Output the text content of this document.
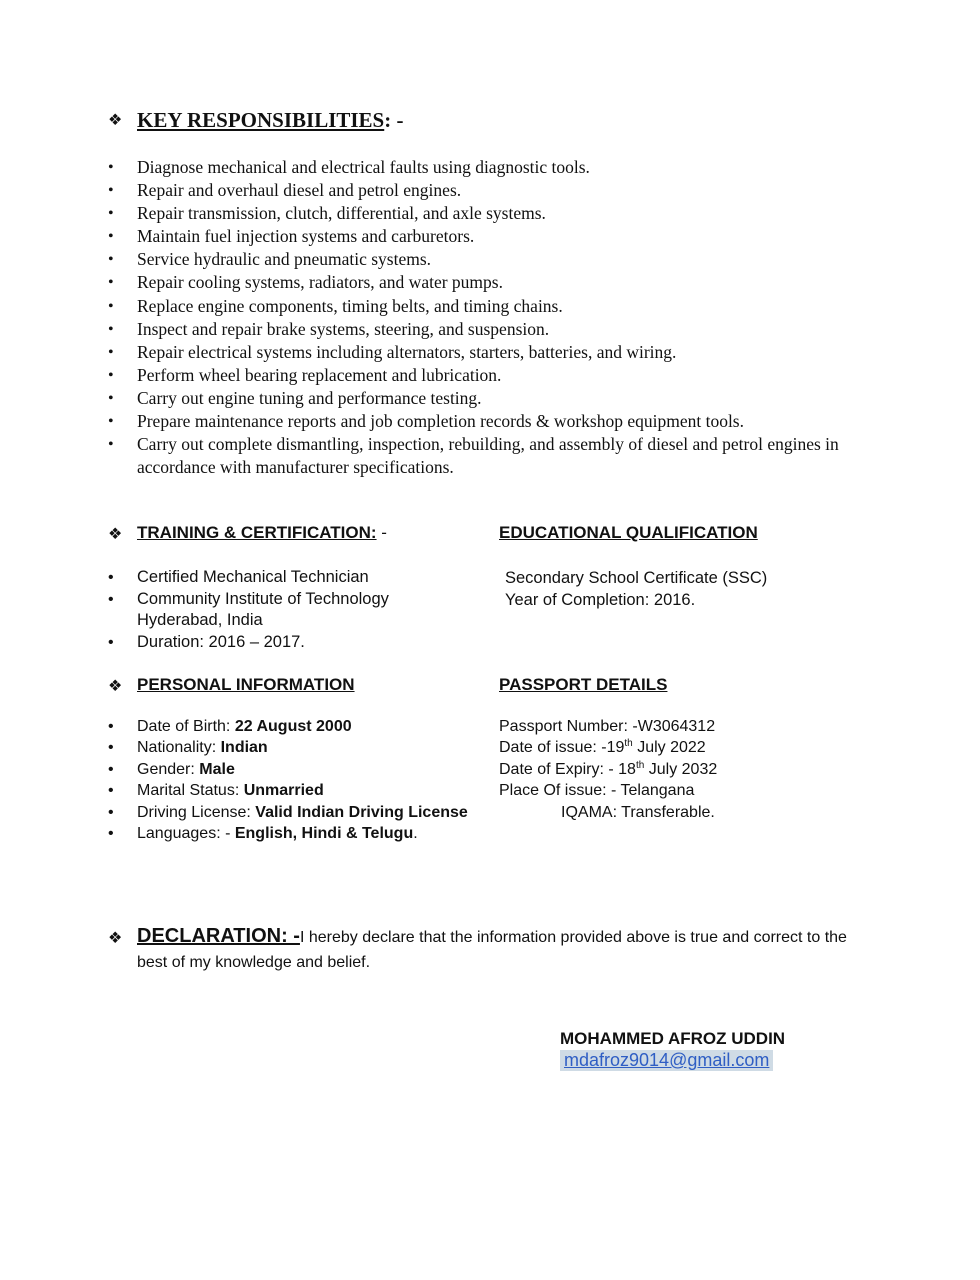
❖ KEY RESPONSIBILITIES: -
• Diagnose mechanical and electrical faults using diagnostic tools.
• Repair and overhaul diesel and petrol engines.
• Repair transmission, clutch, differential, and axle systems.
• Maintain fuel injection systems and carburetors.
• Service hydraulic and pneumatic systems.
• Repair cooling systems, radiators, and water pumps.
• Replace engine components, timing belts, and timing chains.
• Inspect and repair brake systems, steering, and suspension.
• Repair electrical systems including alternators, starters, batteries, and wiring.
• Perform wheel bearing replacement and lubrication.
• Carry out engine tuning and performance testing.
• Prepare maintenance reports and job completion records & workshop equipment tools.
• Carry out complete dismantling, inspection, rebuilding, and assembly of diesel and petrol engines in accordance with manufacturer specifications.
❖ TRAINING & CERTIFICATION: -
• Certified Mechanical Technician
• Community Institute of Technology Hyderabad, India
• Duration: 2016 – 2017.
EDUCATIONAL QUALIFICATION
Secondary School Certificate (SSC)
Year of Completion: 2016.
❖ PERSONAL INFORMATION
• Date of Birth: 22 August 2000
• Nationality: Indian
• Gender: Male
• Marital Status: Unmarried
• Driving License: Valid Indian Driving License
• Languages: - English, Hindi & Telugu.
PASSPORT DETAILS
Passport Number: -W3064312
Date of issue: -19th July 2022
Date of Expiry: - 18th July 2032
Place Of issue: - Telangana
IQAMA: Transferable.
❖ DECLARATION: -I hereby declare that the information provided above is true and correct to the best of my knowledge and belief.
MOHAMMED AFROZ UDDIN
mdafroz9014@gmail.com
